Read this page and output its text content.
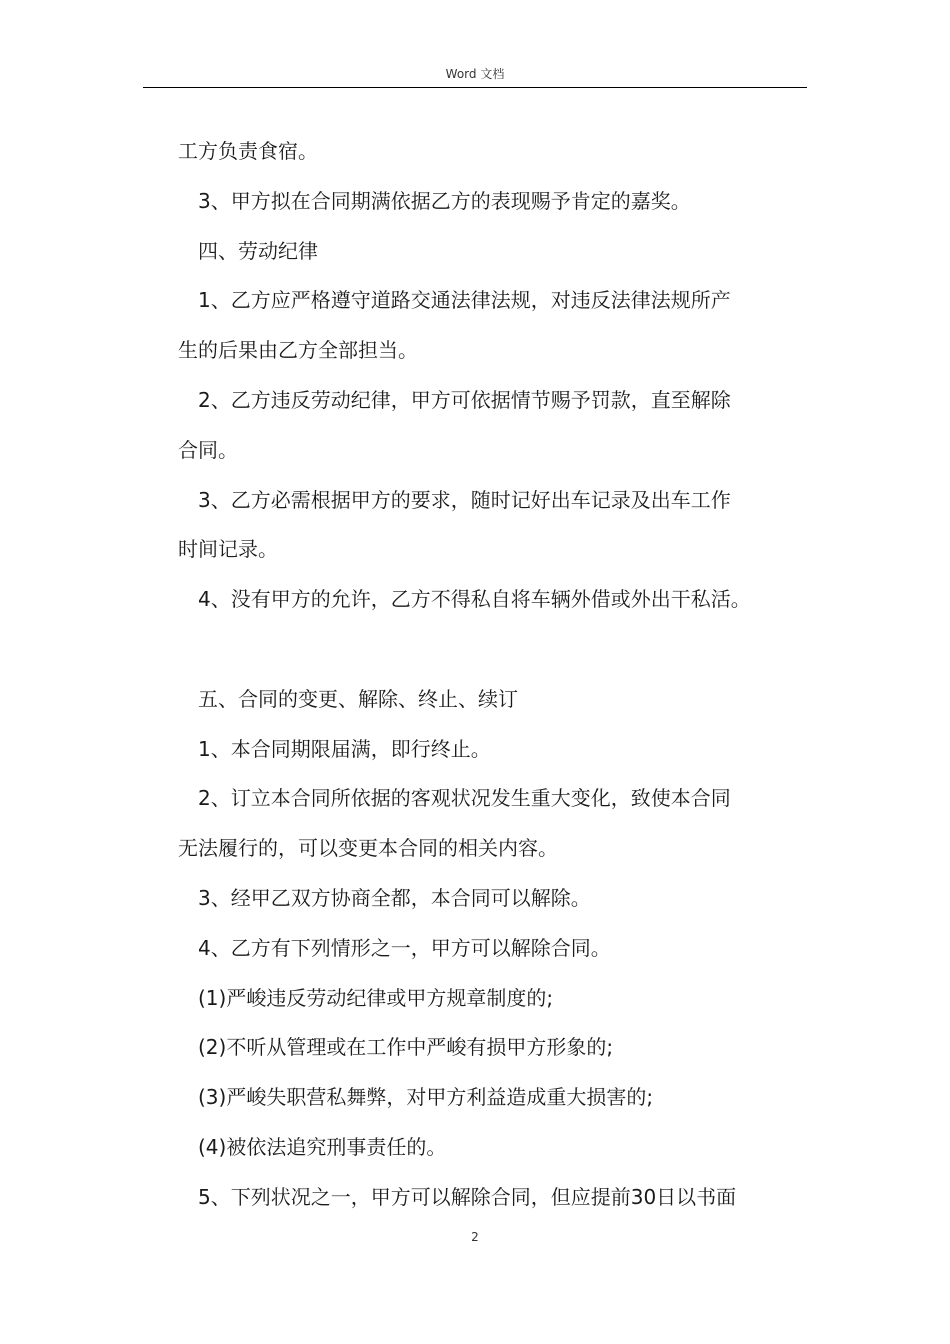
Word 文档

工方负责食宿。

3、甲方拟在合同期满依据乙方的表现赐予肯定的嘉奖。

四、劳动纪律

1、乙方应严格遵守道路交通法律法规，对违反法律法规所产

生的后果由乙方全部担当。

2、乙方违反劳动纪律，甲方可依据情节赐予罚款，直至解除

合同。

3、乙方必需根据甲方的要求，随时记好出车记录及出车工作

时间记录。

4、没有甲方的允许，乙方不得私自将车辆外借或外出干私活。

五、合同的变更、解除、终止、续订

1、本合同期限届满，即行终止。

2、订立本合同所依据的客观状况发生重大变化，致使本合同

无法履行的，可以变更本合同的相关内容。

3、经甲乙双方协商全都，本合同可以解除。

4、乙方有下列情形之一，甲方可以解除合同。

(1)严峻违反劳动纪律或甲方规章制度的;

(2)不听从管理或在工作中严峻有损甲方形象的;

(3)严峻失职营私舞弊，对甲方利益造成重大损害的;

(4)被依法追究刑事责任的。

5、下列状况之一，甲方可以解除合同，但应提前30日以书面

2
